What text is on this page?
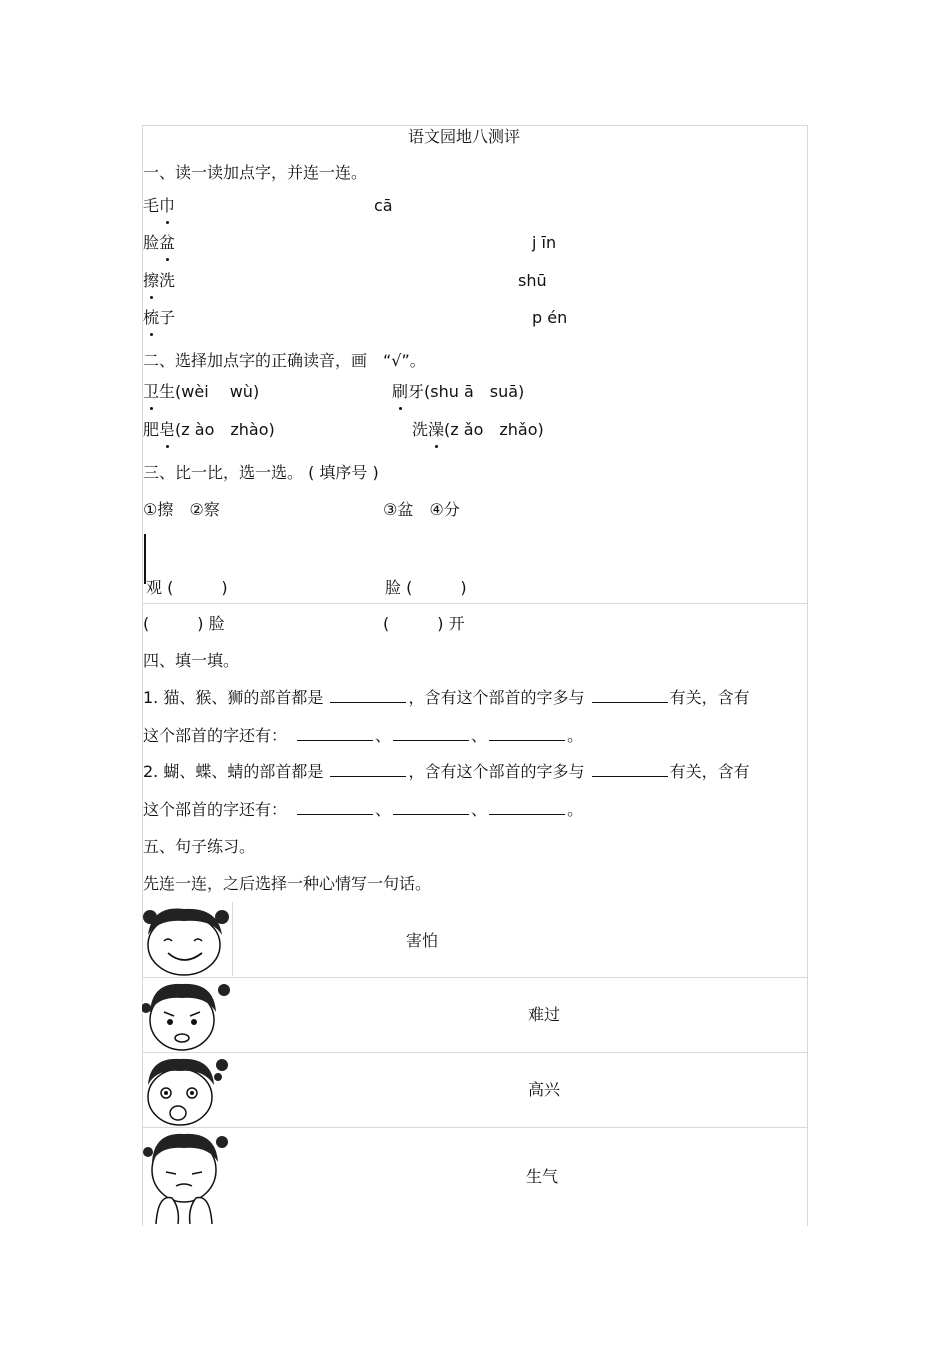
语文园地八测评
一、读一读加点字，并连一连。
毛巾
脸盆
擦洗
梳子
cā
j īn
shū
p én
二、选择加点字的正确读音，画　“√”。
卫生(wèi　 wù)	刷牙(shu ā　suā)
肥皂(z ào　zhào)	洗澡(z ǎo　zhǎo)
三、比一比，选一选。 ( 填序号 )
①擦　②察	③盆　④分
观 (　　　)	脸 (　　　)
(　　　) 脸	(　　　) 开
四、填一填。
1. 猫、猴、狮的部首都是	，含有这个部首的字多与	有关，含有
这个部首的字还有：　	、	、	。
2. 蝴、蝶、蜻的部首都是	，含有这个部首的字多与	有关，含有
这个部首的字还有：　	、	、	。
五、句子练习。
先连一连，之后选择一种心情写一句话。
害怕
难过
高兴
生气
